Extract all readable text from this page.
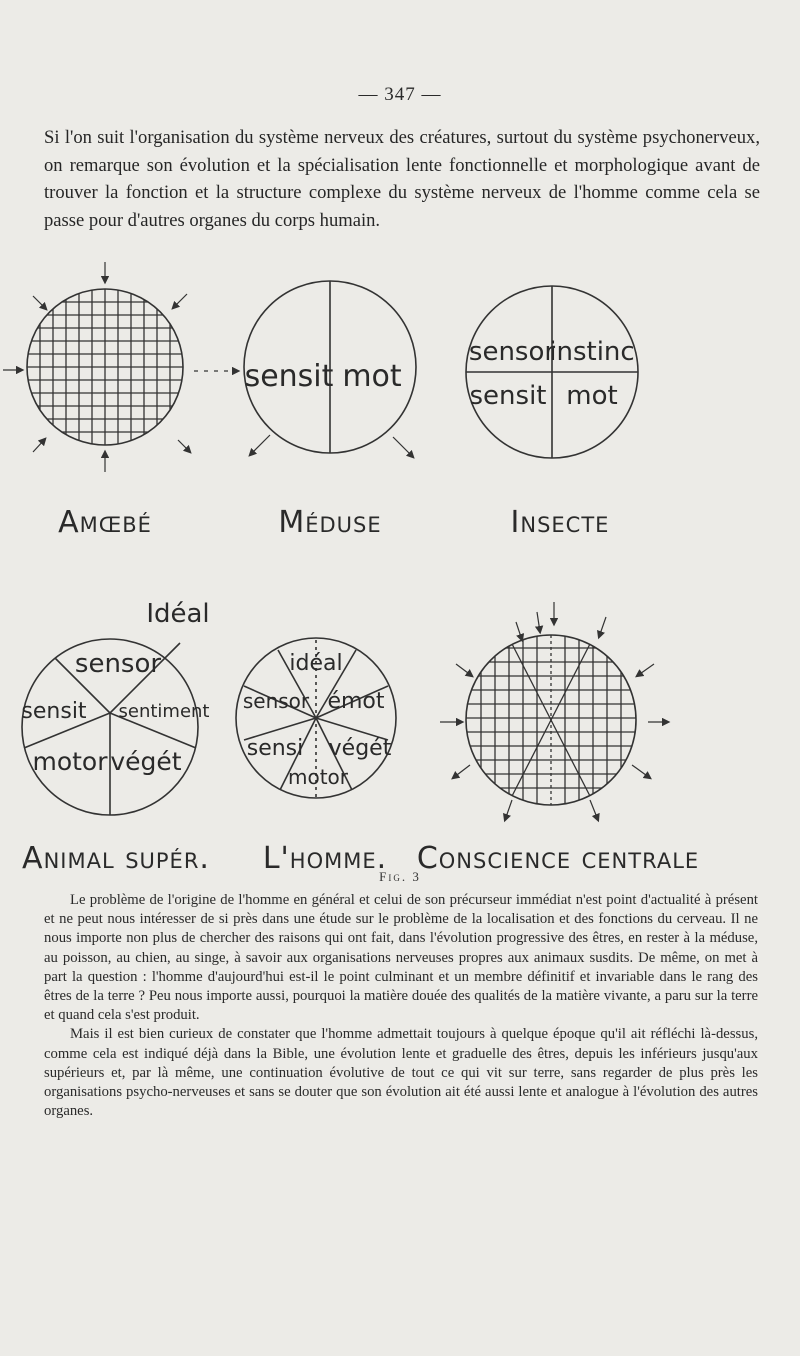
— 347 —

Si l'on suit l'organisation du système nerveux des créatures, surtout du système psychonerveux, on remarque son évolution et la spécialisation lente fonctionnelle et morphologique avant de trouver la fonction et la structure complexe du système nerveux de l'homme comme cela se passe pour d'autres organes du corps humain.

Amœbé
sensit mot
Méduse
sensor
instinc
sensit mot
Insecte
Idéal
sensor
sensit sentiment
motor végét
Animal supér.
idéal
sensor émot
sensi végét
motor
L'homme. Conscience centrale
Fig. 3

Le problème de l'origine de l'homme en général et celui de son précurseur immédiat n'est point d'actualité à présent et ne peut nous intéresser de si près dans une étude sur le problème de la localisation et des fonctions du cerveau. Il ne nous importe non plus de chercher des raisons qui ont fait, dans l'évolution progressive des êtres, en rester à la méduse, au poisson, au chien, au singe, à savoir aux organisations nerveuses propres aux animaux susdits. De même, on met à part la question : l'homme d'aujourd'hui est-il le point culminant et un membre définitif et invariable dans le rang des êtres de la terre ? Peu nous importe aussi, pourquoi la matière douée des qualités de la matière vivante, a paru sur la terre et quand cela s'est produit.

Mais il est bien curieux de constater que l'homme admettait toujours à quelque époque qu'il ait réfléchi là-dessus, comme cela est indiqué déjà dans la Bible, une évolution lente et graduelle des êtres, depuis les inférieurs jusqu'aux supérieurs et, par là même, une continuation évolutive de tout ce qui vit sur terre, sans regarder de plus près les organisations psycho-nerveuses et sans se douter que son évolution ait été aussi lente et analogue à l'évolution des autres organes.
